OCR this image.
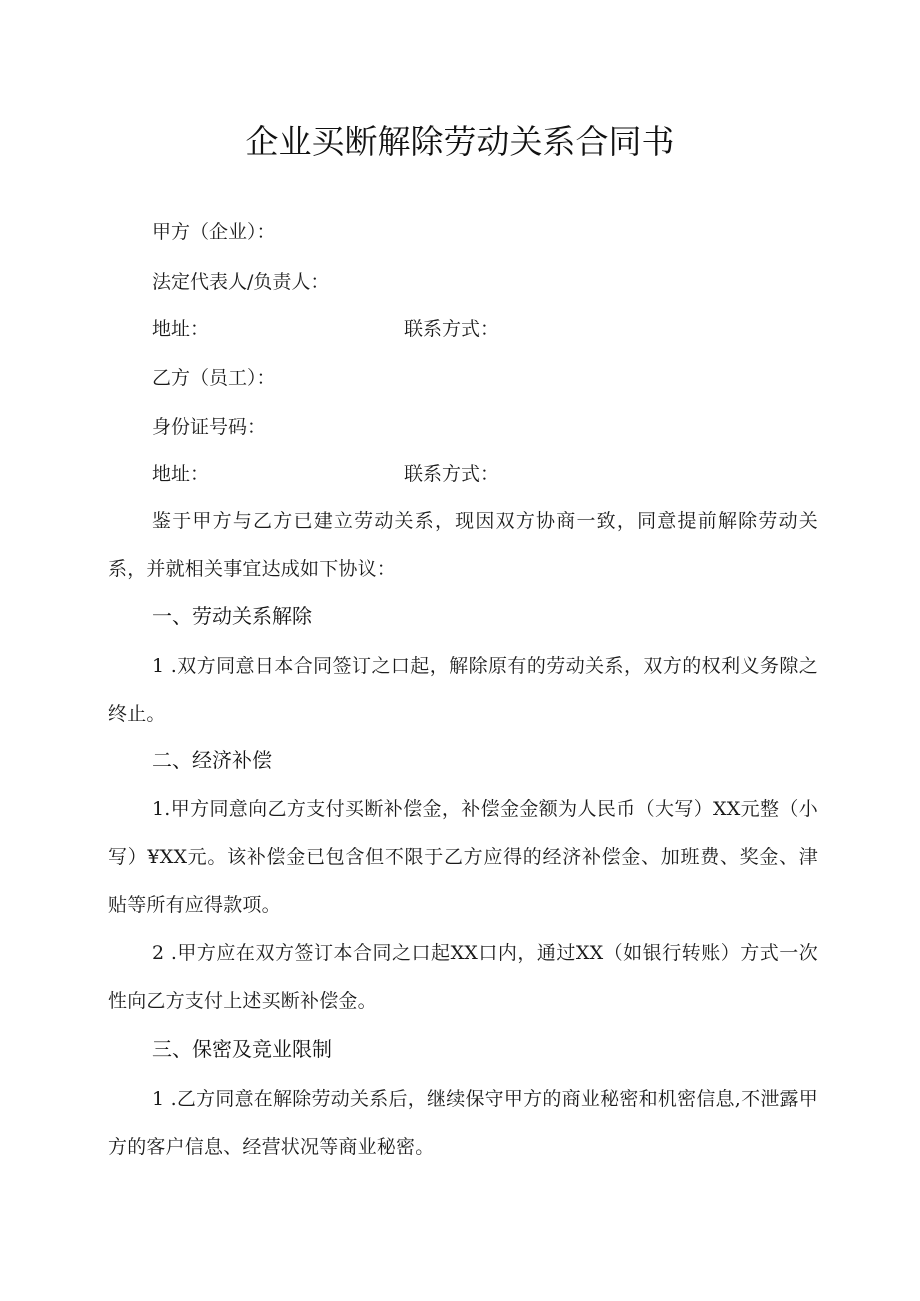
企业买断解除劳动关系合同书
甲方（企业）：
法定代表人/负责人：
地址：	联系方式：
乙方（员工）：
身份证号码：
地址：	联系方式：

鉴于甲方与乙方已建立劳动关系，现因双方协商一致，同意提前解除劳动关系，并就相关事宜达成如下协议：

一、劳动关系解除

1 .双方同意日本合同签订之口起，解除原有的劳动关系，双方的权利义务隙之终止。

二、经济补偿

1.甲方同意向乙方支付买断补偿金，补偿金金额为人民币（大写）XX元整（小写）¥XX元。该补偿金已包含但不限于乙方应得的经济补偿金、加班费、奖金、津贴等所有应得款项。

2 .甲方应在双方签订本合同之口起XX口内，通过XX（如银行转账）方式一次性向乙方支付上述买断补偿金。

三、保密及竞业限制

1 .乙方同意在解除劳动关系后，继续保守甲方的商业秘密和机密信息,不泄露甲方的客户信息、经营状况等商业秘密。
